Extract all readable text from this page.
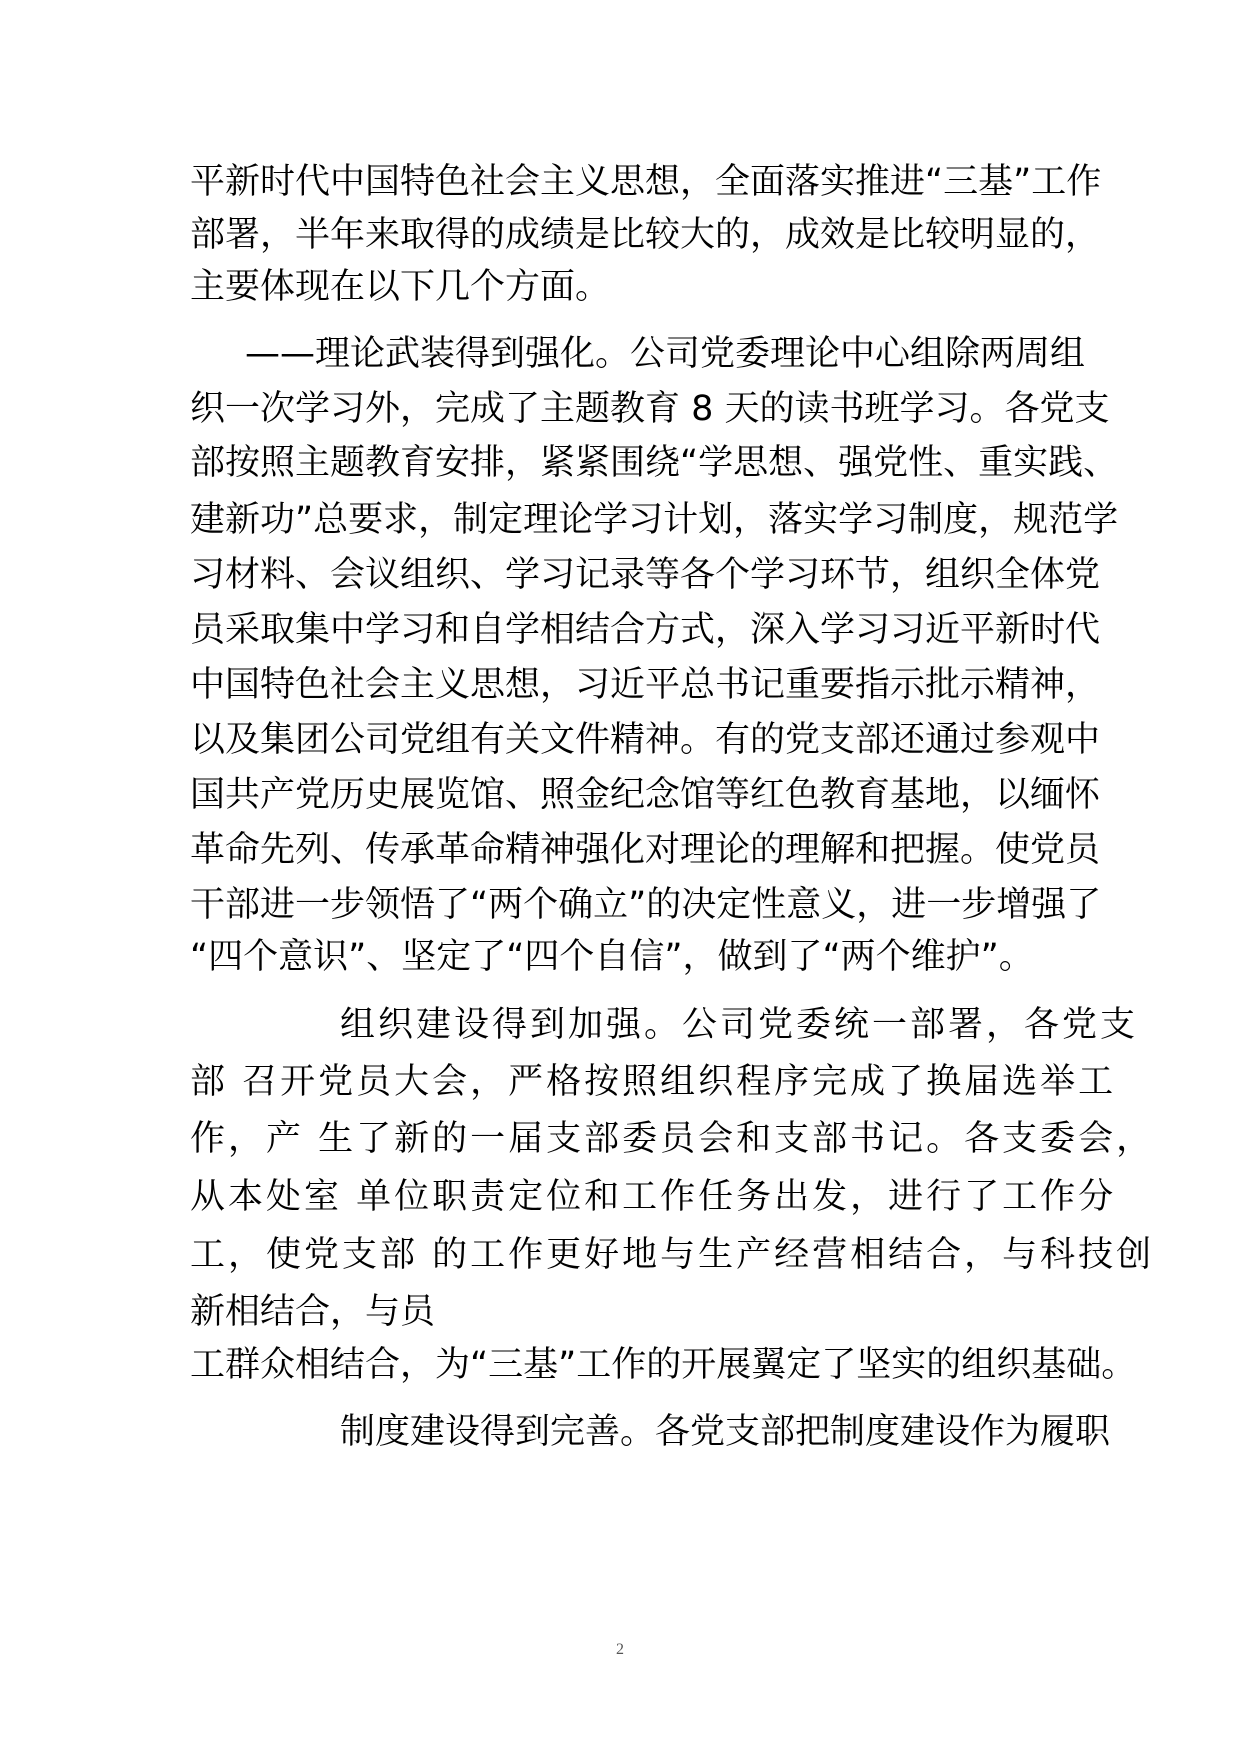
平新时代中国特色社会主义思想，全面落实推进“三基”工作
部署，半年来取得的成绩是比较大的，成效是比较明显的，
主要体现在以下几个方面。
——理论武装得到强化。公司党委理论中心组除两周组
织一次学习外，完成了主题教育 8 天的读书班学习。各党支
部按照主题教育安排，紧紧围绕“学思想、强党性、重实践、
建新功”总要求，制定理论学习计划，落实学习制度，规范学
习材料、会议组织、学习记录等各个学习环节，组织全体党
员采取集中学习和自学相结合方式，深入学习习近平新时代
中国特色社会主义思想，习近平总书记重要指示批示精神，
以及集团公司党组有关文件精神。有的党支部还通过参观中
国共产党历史展览馆、照金纪念馆等红色教育基地，以缅怀
革命先列、传承革命精神强化对理论的理解和把握。使党员
干部进一步领悟了“两个确立”的决定性意义，进一步增强了
“四个意识”、坚定了“四个自信”，做到了“两个维护”。
组织建设得到加强。公司党委统一部署，各党支
部 召开党员大会，严格按照组织程序完成了换届选举工
作，产 生了新的一届支部委员会和支部书记。各支委会，
从本处室 单位职责定位和工作任务出发，进行了工作分
工，使党支部 的工作更好地与生产经营相结合，与科技创
新相结合，与员
工群众相结合，为“三基”工作的开展翼定了坚实的组织基础。
制度建设得到完善。各党支部把制度建设作为履职
2
